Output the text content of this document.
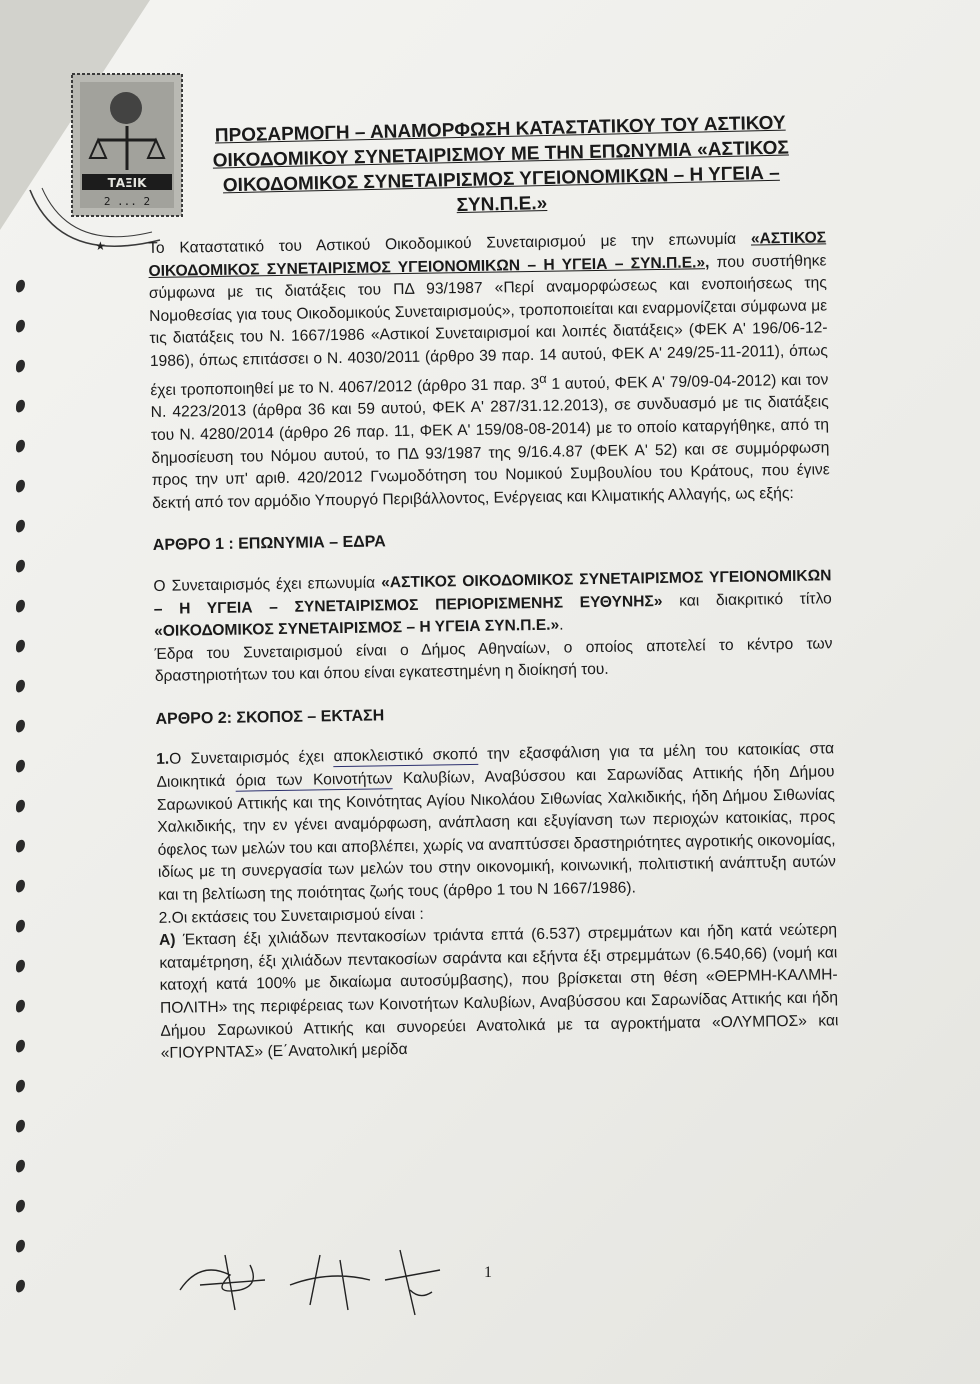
ΤΑΞΙΚ
2 ... 2
★
ΠΡΟΣΑΡΜΟΓΗ – ΑΝΑΜΟΡΦΩΣΗ ΚΑΤΑΣΤΑΤΙΚΟΥ ΤΟΥ ΑΣΤΙΚΟΥ
ΟΙΚΟΔΟΜΙΚΟΥ ΣΥΝΕΤΑΙΡΙΣΜΟΥ ΜΕ ΤΗΝ ΕΠΩΝΥΜΙΑ «ΑΣΤΙΚΟΣ
ΟΙΚΟΔΟΜΙΚΟΣ ΣΥΝΕΤΑΙΡΙΣΜΟΣ ΥΓΕΙΟΝΟΜΙΚΩΝ – Η ΥΓΕΙΑ –
ΣΥΝ.Π.Ε.»

Το Καταστατικό του Αστικού Οικοδομικού Συνεταιρισμού με την επωνυμία «ΑΣΤΙΚΟΣ ΟΙΚΟΔΟΜΙΚΟΣ ΣΥΝΕΤΑΙΡΙΣΜΟΣ ΥΓΕΙΟΝΟΜΙΚΩΝ – Η ΥΓΕΙΑ – ΣΥΝ.Π.Ε.», που συστήθηκε σύμφωνα με τις διατάξεις του ΠΔ 93/1987 «Περί αναμορφώσεως και ενοποιήσεως της Νομοθεσίας για τους Οικοδομικούς Συνεταιρισμούς», τροποποιείται και εναρμονίζεται σύμφωνα με τις διατάξεις του Ν. 1667/1986 «Αστικοί Συνεταιρισμοί και λοιπές διατάξεις» (ΦΕΚ Α' 196/06-12-1986), όπως επιτάσσει ο Ν. 4030/2011 (άρθρο 39 παρ. 14 αυτού, ΦΕΚ Α' 249/25-11-2011), όπως έχει τροποποιηθεί με το Ν. 4067/2012 (άρθρο 31 παρ. $3^\alpha$ 1 αυτού, ΦΕΚ Α' 79/09-04-2012) και τον Ν. 4223/2013 (άρθρα 36 και 59 αυτού, ΦΕΚ Α' 287/31.12.2013), σε συνδυασμό με τις διατάξεις του Ν. 4280/2014 (άρθρο 26 παρ. 11, ΦΕΚ Α' 159/08-08-2014) με το οποίο καταργήθηκε, από τη δημοσίευση του Νόμου αυτού, το ΠΔ 93/1987 της 9/16.4.87 (ΦΕΚ Α' 52) και σε συμμόρφωση προς την υπ' αριθ. 420/2012 Γνωμοδότηση του Νομικού Συμβουλίου του Κράτους, που έγινε δεκτή από τον αρμόδιο Υπουργό Περιβάλλοντος, Ενέργειας και Κλιματικής Αλλαγής, ως εξής:

ΑΡΘΡΟ 1 : ΕΠΩΝΥΜΙΑ – ΕΔΡΑ

Ο Συνεταιρισμός έχει επωνυμία «ΑΣΤΙΚΟΣ ΟΙΚΟΔΟΜΙΚΟΣ ΣΥΝΕΤΑΙΡΙΣΜΟΣ ΥΓΕΙΟΝΟΜΙΚΩΝ – Η ΥΓΕΙΑ – ΣΥΝΕΤΑΙΡΙΣΜΟΣ ΠΕΡΙΟΡΙΣΜΕΝΗΣ ΕΥΘΥΝΗΣ» και διακριτικό τίτλο «ΟΙΚΟΔΟΜΙΚΟΣ ΣΥΝΕΤΑΙΡΙΣΜΟΣ – Η ΥΓΕΙΑ ΣΥΝ.Π.Ε.».

Έδρα του Συνεταιρισμού είναι ο Δήμος Αθηναίων, ο οποίος αποτελεί το κέντρο των δραστηριοτήτων του και όπου είναι εγκατεστημένη η διοίκησή του.

ΑΡΘΡΟ 2: ΣΚΟΠΟΣ – ΕΚΤΑΣΗ

1.Ο Συνεταιρισμός έχει αποκλειστικό σκοπό την εξασφάλιση για τα μέλη του κατοικίας στα Διοικητικά όρια των Κοινοτήτων Καλυβίων, Αναβύσσου και Σαρωνίδας Αττικής ήδη Δήμου Σαρωνικού Αττικής και της Κοινότητας Αγίου Νικολάου Σιθωνίας Χαλκιδικής, ήδη Δήμου Σιθωνίας Χαλκιδικής, την εν γένει αναμόρφωση, ανάπλαση και εξυγίανση των περιοχών κατοικίας, προς όφελος των μελών του και αποβλέπει, χωρίς να αναπτύσσει δραστηριότητες αγροτικής οικονομίας, ιδίως με τη συνεργασία των μελών του στην οικονομική, κοινωνική, πολιτιστική ανάπτυξη αυτών και τη βελτίωση της ποιότητας ζωής τους (άρθρο 1 του Ν 1667/1986).

2.Οι εκτάσεις του Συνεταιρισμού είναι :

Α) Έκταση έξι χιλιάδων πεντακοσίων τριάντα επτά (6.537) στρεμμάτων και ήδη κατά νεώτερη καταμέτρηση, έξι χιλιάδων πεντακοσίων σαράντα και εξήντα έξι στρεμμάτων (6.540,66) (νομή και κατοχή κατά 100% με δικαίωμα αυτοσύμβασης), που βρίσκεται στη θέση «ΘΕΡΜΗ-ΚΑΛΜΗ-ΠΟΛΙΤΗ» της περιφέρειας των Κοινοτήτων Καλυβίων, Αναβύσσου και Σαρωνίδας Αττικής και ήδη Δήμου Σαρωνικού Αττικής και συνορεύει Ανατολικά με τα αγροκτήματα «ΟΛΥΜΠΟΣ» και «ΓΙΟΥΡΝΤΑΣ» (Ε΄Ανατολική μερίδα

1
